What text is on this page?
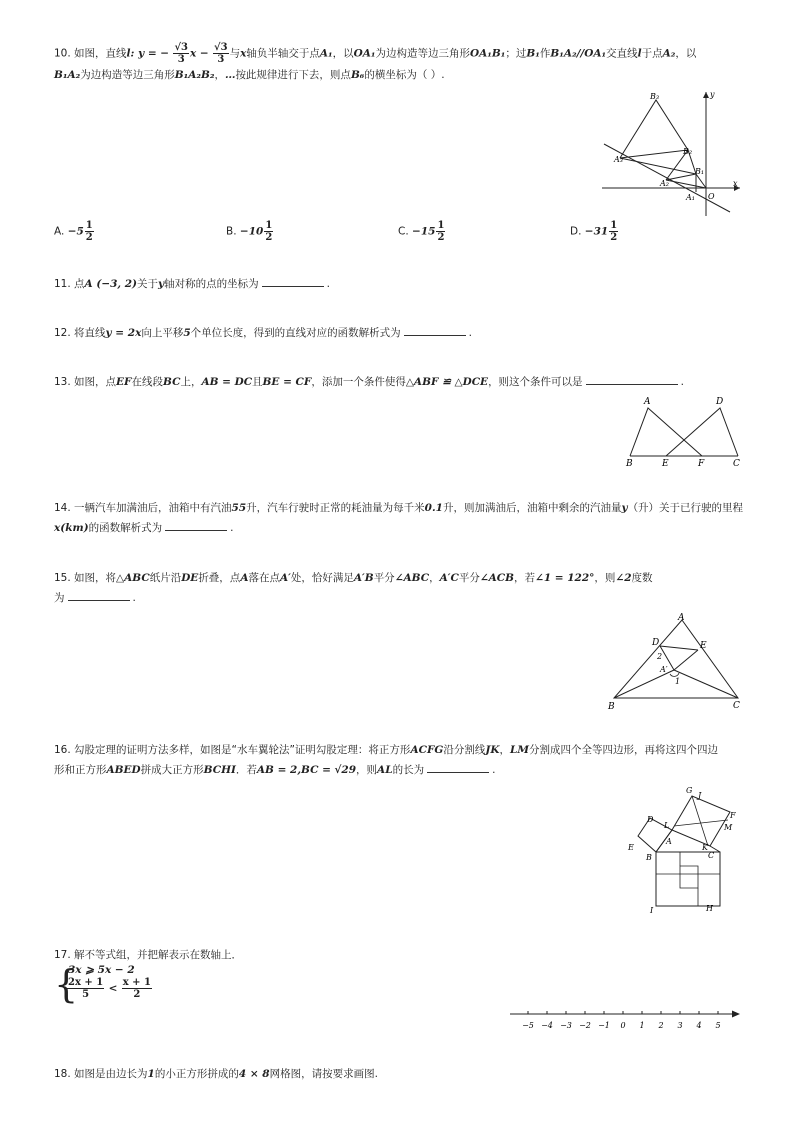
10. 如图，直线l: y = − $\frac{√3}{3}$ $x - \frac{√3}{3}$ 与x轴负半轴交于点A₁，以OA₁为边构造等边三角形OA₁B₁；过B₁作B₁A₂//OA₁交直线l于点A₂，以
B₁A₂为边构造等边三角形B₁A₂B₂，…按此规律进行下去，则点B₆的横坐标为（ ）.
B₃	y
B₂
A₃
B₁
A₂	x
O
A₁
A. $-5 \frac{1}{2}$	B. $-10 \frac{1}{2}$	C. $-15 \frac{1}{2}$	D. $-31 \frac{1}{2}$
11. 点A (−3, 2)关于y轴对称的点的坐标为	.
12. 将直线y = 2x向上平移5个单位长度，得到的直线对应的函数解析式为	.
13. 如图，点EF在线段BC上，AB = DC且BE = CF，添加一个条件使得△ABF ≌ △DCE，则这个条件可以是	.
A	D
B	E	F	C
14. 一辆汽车加满油后，油箱中有汽油55升，汽车行驶时正常的耗油量为每千米0.1升，则加满油后，油箱中剩余的汽油量y（升）关于已行驶的里程
x(km)的函数解析式为	.
15. 如图，将△ABC纸片沿DE折叠，点A落在点A′处，恰好满足A′B平分∠ABC，A′C平分∠ACB，若∠1 = 122°，则∠2度数
为	.
A
D	E
2
A′
1
B	C
16. 勾股定理的证明方法多样，如图是“水车翼轮法”证明勾股定理：将正方形ACFG沿分割线JK，LM分割成四个全等四边形，再将这四个四边
形和正方形ABED拼成大正方形BCHI．若AB = 2,BC = √29，则AL的长为	.
G
J
F
M
D
L
A
K
E
B	C
I	H
17. 解不等式组，并把解表示在数轴上．
{
3x ⩾ 5x − 2
$\frac{2x + 1}{5} < \frac{x + 1}{2}$
−5 −4 −3 −2 −1 0 1 2 3 4 5
18. 如图是由边长为1的小正方形拼成的4 × 8网格图，请按要求画图.
